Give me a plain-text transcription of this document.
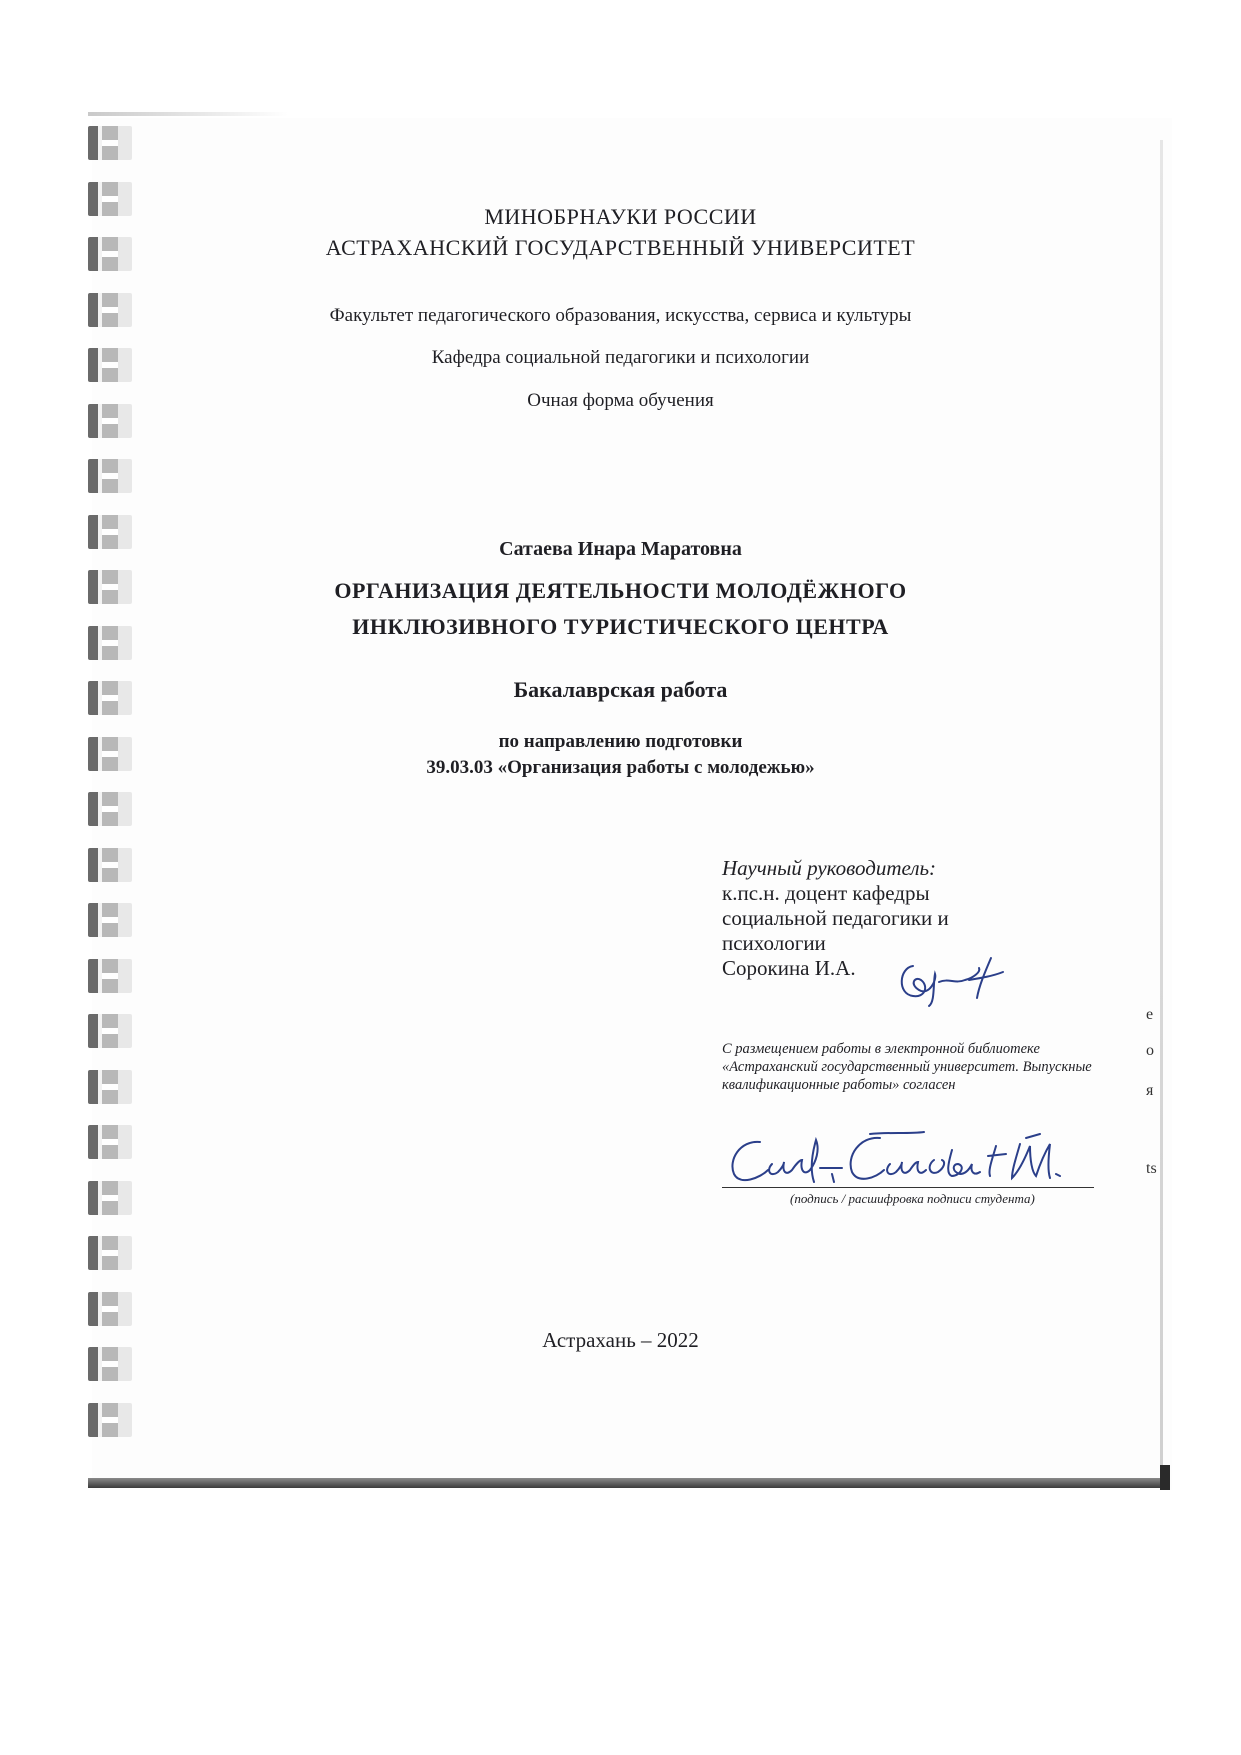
МИНОБРНАУКИ РОССИИ
АСТРАХАНСКИЙ ГОСУДАРСТВЕННЫЙ УНИВЕРСИТЕТ
Факультет педагогического образования, искусства, сервиса и культуры
Кафедра социальной педагогики и психологии
Очная форма обучения
Сатаева Инара Маратовна
ОРГАНИЗАЦИЯ ДЕЯТЕЛЬНОСТИ МОЛОДЁЖНОГО
ИНКЛЮЗИВНОГО ТУРИСТИЧЕСКОГО ЦЕНТРА
Бакалаврская работа
по направлению подготовки
39.03.03 «Организация работы с молодежью»
Научный руководитель:
к.пс.н. доцент кафедры
социальной педагогики и
психологии
Сорокина И.А.
С размещением работы в электронной библиотеке «Астраханский государственный университет. Выпускные квалификационные работы» согласен
(подпись / расшифровка подписи студента)
Астрахань – 2022
е
о
я
ts
